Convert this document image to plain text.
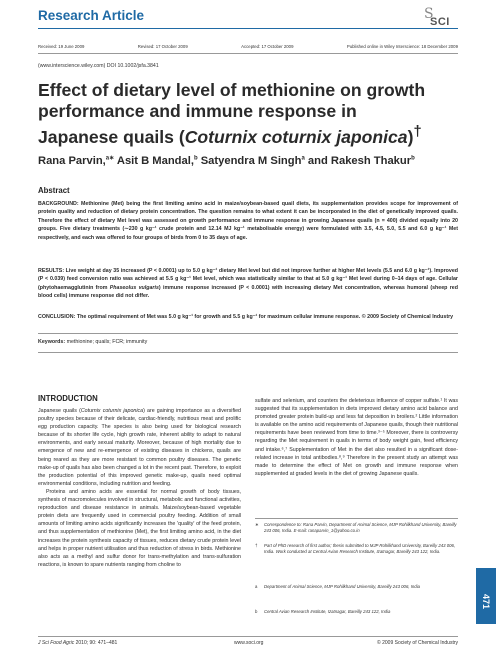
Research Article	S
SCI
Received: 19 June 2009	Revised: 17 October 2009	Accepted: 17 October 2009	Published online in Wiley Interscience: 18 December 2009
(www.interscience.wiley.com) DOI 10.1002/jsfa.3841
Effect of dietary level of methionine on growth
performance and immune response in
Japanese quails (Coturnix coturnix japonica)†
Rana Parvin,$^{a∗}$ Asit B Mandal,$^b$ Satyendra M Singh$^a$ and Rakesh Thakur$^b$
Abstract

BACKGROUND: Methionine (Met) being the first limiting amino acid in maize/soybean-based quail diets, its supplementation provides scope for improvement of protein quality and reduction of dietary protein concentration. The question remains to what extent it can be incorporated in the diet of genetically improved quails. Therefore the effect of dietary Met level was assessed on growth performance and immune response in growing Japanese quails (n = 400) divided equally into 20 groups. Five dietary treatments (∼230 g kg⁻¹ crude protein and 12.14 MJ kg⁻¹ metabolisable energy) were formulated with 3.5, 4.5, 5.0, 5.5 and 6.0 g kg⁻¹ Met respectively, and each was offered to four groups of birds from 0 to 35 days of age.

RESULTS: Live weight at day 35 increased (P < 0.0001) up to 5.0 g kg⁻¹ dietary Met level but did not improve further at higher Met levels (5.5 and 6.0 g kg⁻¹). Improved (P < 0.039) feed conversion ratio was achieved at 5.5 g kg⁻¹ Met level, which was statistically similar to that at 5.0 g kg⁻¹ Met level during 0–14 days of age. Cellular (phytohaemagglutinin from Phaseolus vulgaris) immune response increased (P < 0.0001) with increasing dietary Met concentration, whereas humoral (sheep red blood cells) immune response did not differ.

CONCLUSION: The optimal requirement of Met was 5.0 g kg⁻¹ for growth and 5.5 g kg⁻¹ for maximum cellular immune response. © 2009 Society of Chemical Industry

Keywords: methionine; quails; FCR; immunity
INTRODUCTION

Japanese quails (Coturnix coturnix japonica) are gaining importance as a diversified poultry species because of their delicate, cardiac-friendly, nutritious meat and prolific egg production capacity. The species is also being used for biological research because of its shorter life cycle, high growth rate, inherent ability to adapt to natural environments, and early sexual maturity. Moreover, because of high mortality due to emergence of new and re-emergence of existing diseases in chickens, quails are being reared as they are more resistant to common poultry diseases. The genetic make-up of quails has also been changed a lot in the recent past. Therefore, to exploit the production potential of this improved genetic make-up, quails need optimal environmental conditions, including nutrition and feeding.

Proteins and amino acids are essential for normal growth of body tissues, synthesis of macromolecules involved in structural, metabolic and functional activities, reproduction and disease resistance in animals. Maize/soybean-based vegetable protein diets are frequently used in commercial poultry feeding. Addition of small amounts of limiting amino acids significantly increases the 'quality' of the feed protein, and thus supplementation of methionine (Met), the first limiting amino acid, in the diet increases the protein synthesis capacity of tissues, reduces dietary crude protein level and helps in proper nutrient utilisation and thus reduction of stress in birds. Methionine also acts as a methyl and sulfur donor for trans-methylation and trans-sulfuration reactions, is known to spare nutrients ranging from choline to

sulfate and selenium, and counters the deleterious influence of copper sulfate.¹ It was suggested that its supplementation in diets improved dietary amino acid balance and promoted greater protein build-up and less fat deposition in broilers.² Little information is available on the amino acid requirements of Japanese quails, though their nutritional requirements have been reviewed from time to time.³⁻⁵ Moreover, there is controversy regarding the Met requirement in quails in terms of body weight gain, feed efficiency and intake.⁶,⁷ Supplementation of Met in the diet also resulted in a significant dose-related increase in total antibodies.⁸,⁹ Therefore in the present study an attempt was made to determine the effect of Met on growth and immune response when supplemented at graded levels in the diet of growing Japanese quails.

∗	Correspondence to: Rana Parvin, Department of Animal Science, MJP Rohilkhand University, Bareilly 243 006, India. E-mail: ranaparvin_1@yahoo.co.in
†	Part of PhD research of first author; thesis submitted to MJP Rohilkhand University, Bareilly 243 006, India. Work conducted at Central Avian Research Institute, Izatnagar, Bareilly 243 122, India.
a	Department of Animal Science, MJP Rohilkhand University, Bareilly 243 006, India
b	Central Avian Research Institute, Izatnagar, Bareilly 243 122, India
471
J Sci Food Agric 2010; 90: 471–481	www.soci.org	© 2009 Society of Chemical Industry
